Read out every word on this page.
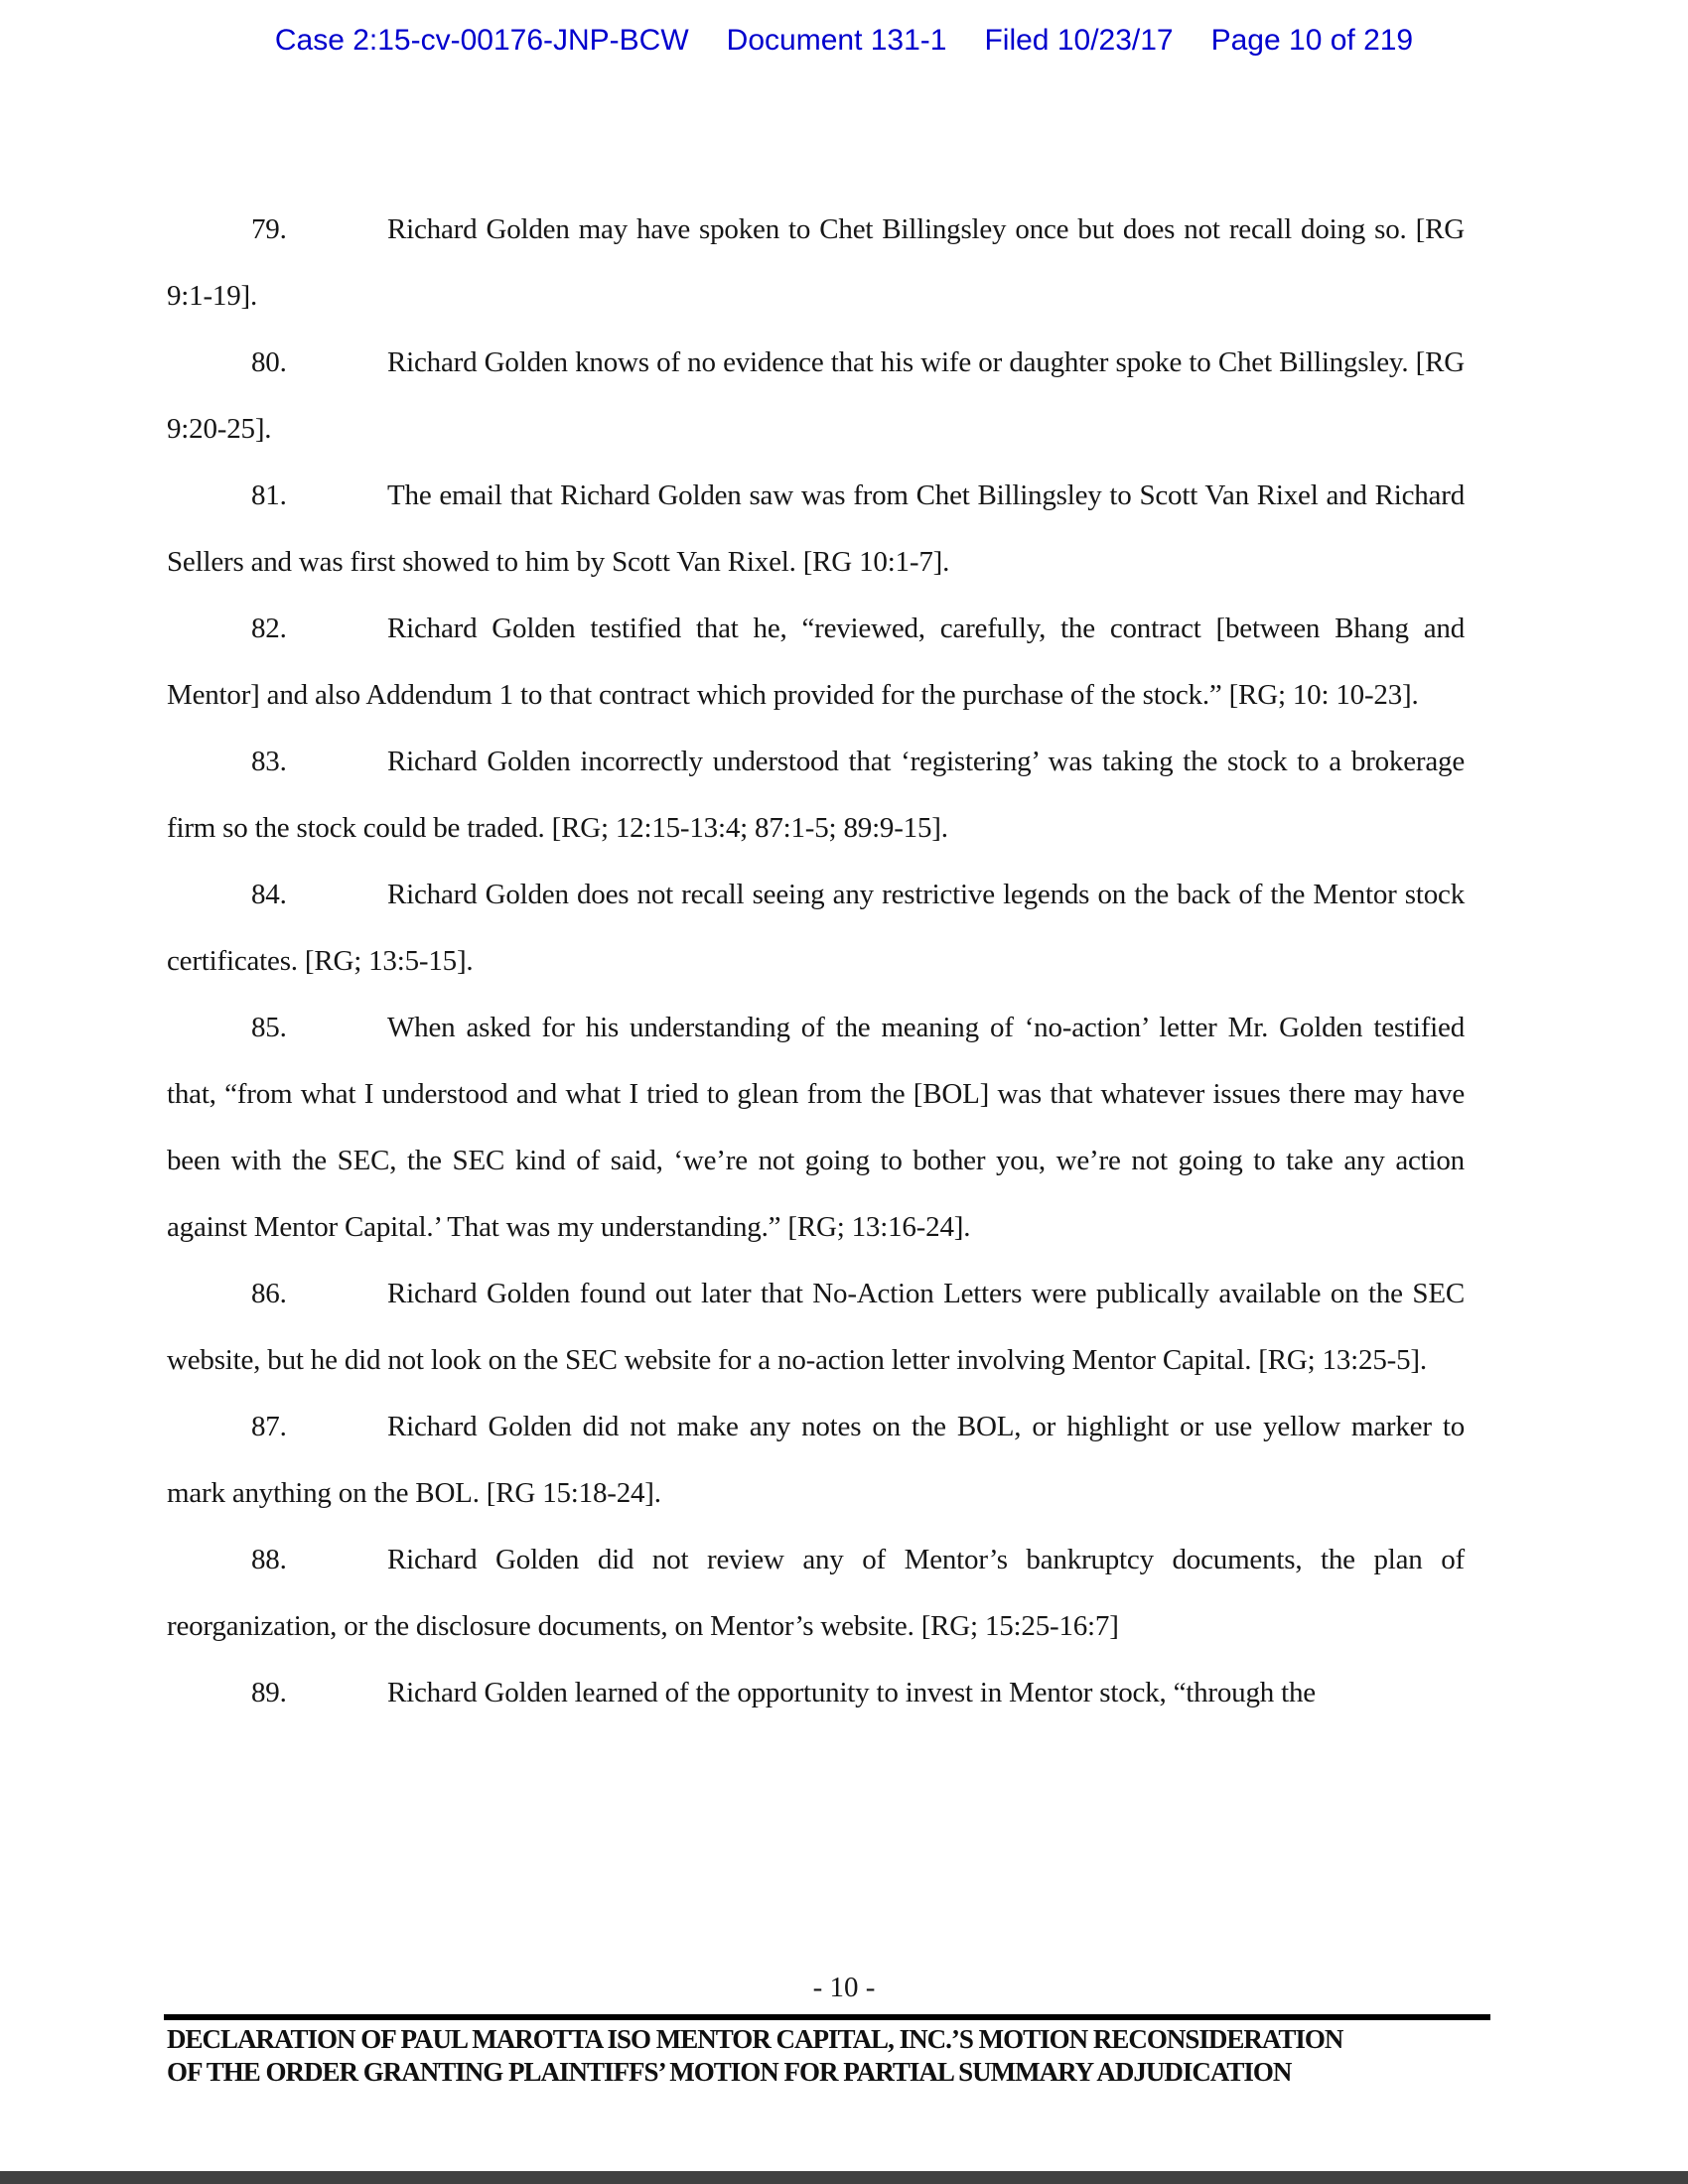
Case 2:15-cv-00176-JNP-BCW Document 131-1 Filed 10/23/17 Page 10 of 219

79.	Richard Golden may have spoken to Chet Billingsley once but does not recall doing so. [RG 9:1-19].

80.	Richard Golden knows of no evidence that his wife or daughter spoke to Chet Billingsley. [RG 9:20-25].

81.	The email that Richard Golden saw was from Chet Billingsley to Scott Van Rixel and Richard Sellers and was first showed to him by Scott Van Rixel. [RG 10:1-7].

82.	Richard Golden testified that he, “reviewed, carefully, the contract [between Bhang and Mentor] and also Addendum 1 to that contract which provided for the purchase of the stock.” [RG; 10: 10-23].

83.	Richard Golden incorrectly understood that ‘registering’ was taking the stock to a brokerage firm so the stock could be traded. [RG; 12:15-13:4; 87:1-5; 89:9-15].

84.	Richard Golden does not recall seeing any restrictive legends on the back of the Mentor stock certificates. [RG; 13:5-15].

85.	When asked for his understanding of the meaning of ‘no-action’ letter Mr. Golden testified that, “from what I understood and what I tried to glean from the [BOL] was that whatever issues there may have been with the SEC, the SEC kind of said, ‘we’re not going to bother you, we’re not going to take any action against Mentor Capital.’ That was my understanding.” [RG; 13:16-24].

86.	Richard Golden found out later that No-Action Letters were publically available on the SEC website, but he did not look on the SEC website for a no-action letter involving Mentor Capital. [RG; 13:25-5].

87.	Richard Golden did not make any notes on the BOL, or highlight or use yellow marker to mark anything on the BOL. [RG 15:18-24].

88.	Richard Golden did not review any of Mentor’s bankruptcy documents, the plan of reorganization, or the disclosure documents, on Mentor’s website. [RG; 15:25-16:7]

89.	Richard Golden learned of the opportunity to invest in Mentor stock, “through the

- 10 -
DECLARATION OF PAUL MAROTTA ISO MENTOR CAPITAL, INC.’S MOTION RECONSIDERATION
OF THE ORDER GRANTING PLAINTIFFS’ MOTION FOR PARTIAL SUMMARY ADJUDICATION
